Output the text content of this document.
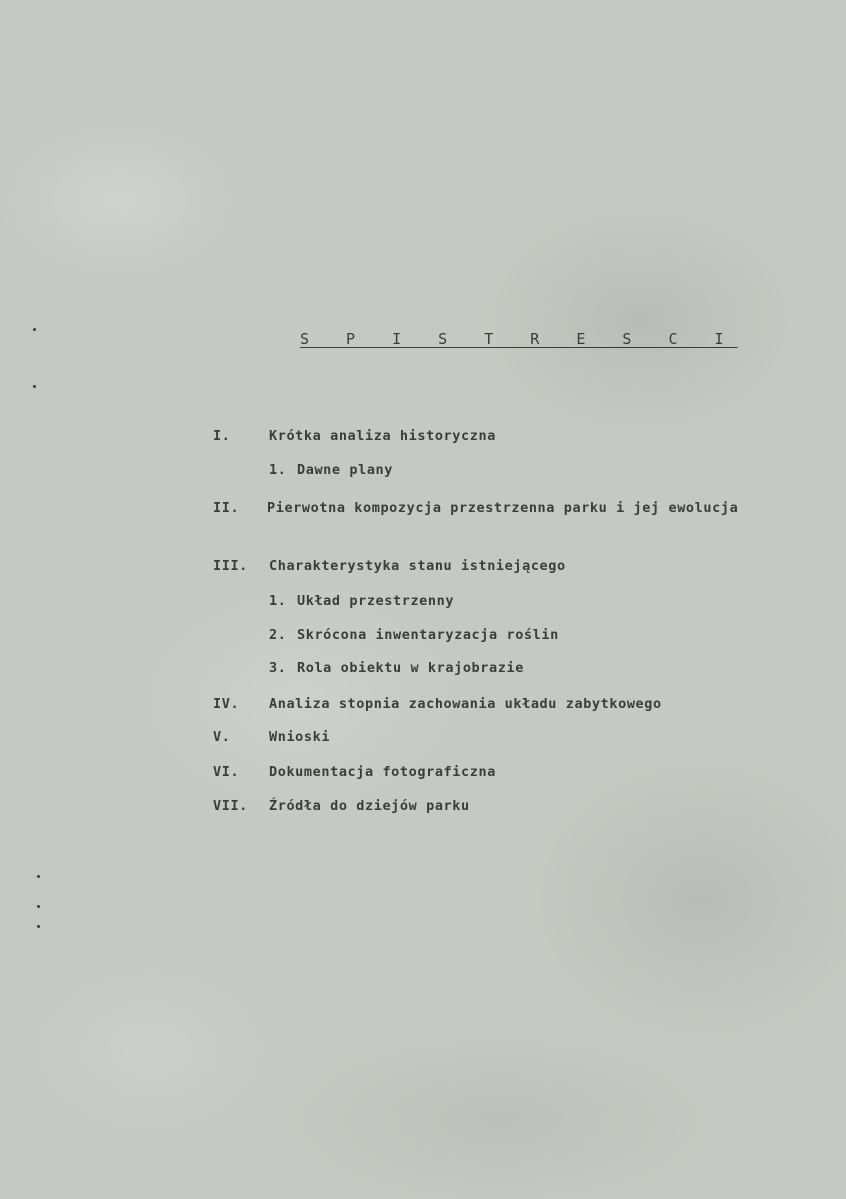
S P I S T R E S C I
I.	Krótka analiza historyczna
1. Dawne plany
II.	Pierwotna kompozycja przestrzenna parku i jej ewolucja
III.	Charakterystyka stanu istniejącego
1. Układ przestrzenny
2. Skrócona inwentaryzacja roślin
3. Rola obiektu w krajobrazie
IV.	Analiza stopnia zachowania układu zabytkowego
V.	Wnioski
VI.	Dokumentacja fotograficzna
VII.	Źródła do dziejów parku
